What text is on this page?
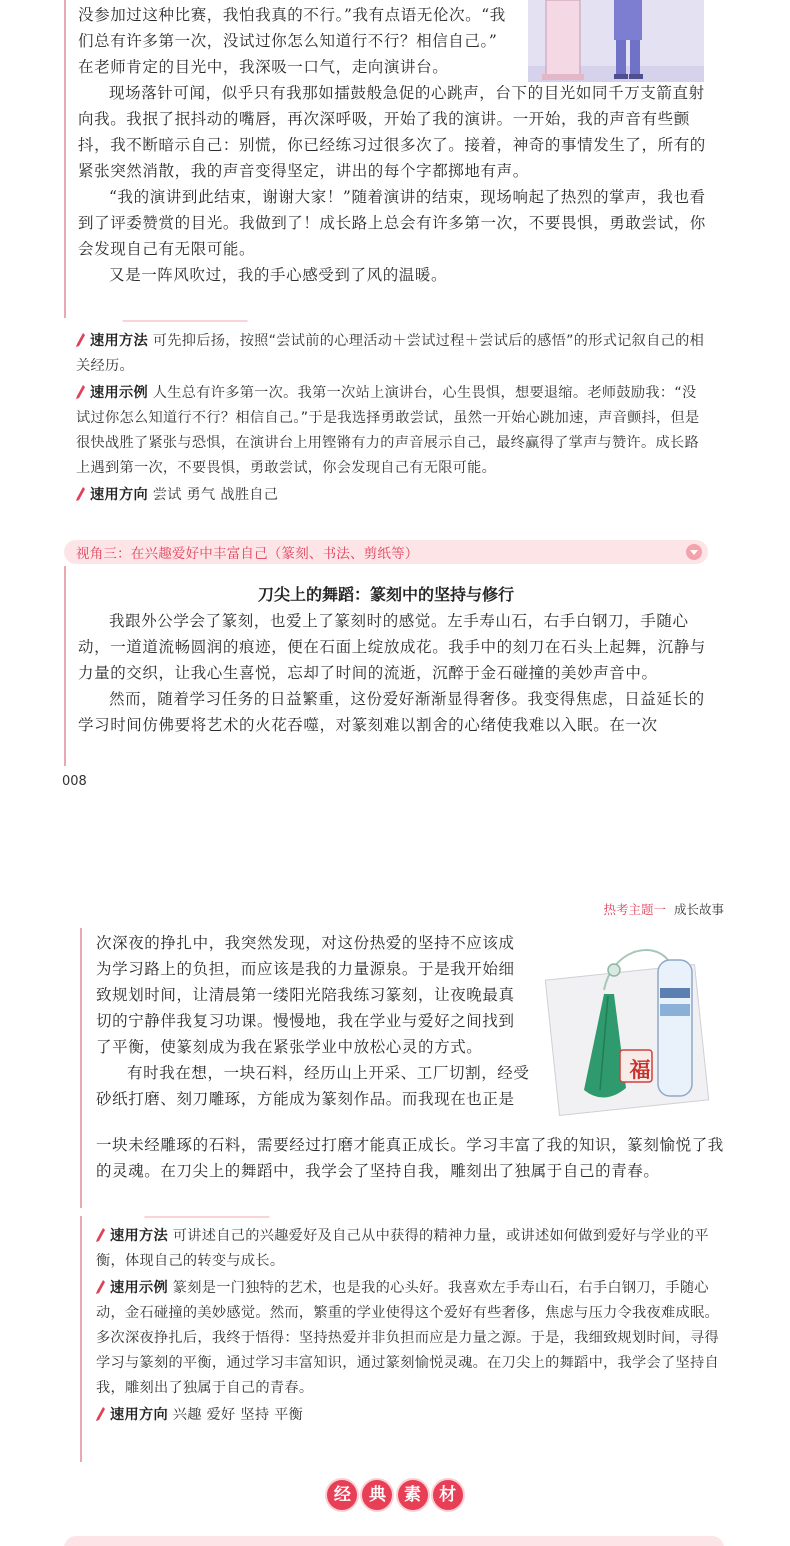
没参加过这种比赛，我怕我真的不行。”我有点语无伦次。“我

们总有许多第一次，没试过你怎么知道行不行？相信自己。”

在老师肯定的目光中，我深吸一口气，走向演讲台。

现场落针可闻，似乎只有我那如擂鼓般急促的心跳声，台下的目光如同千万支箭直射向我。我抿了抿抖动的嘴唇，再次深呼吸，开始了我的演讲。一开始，我的声音有些颤抖，我不断暗示自己：别慌，你已经练习过很多次了。接着，神奇的事情发生了，所有的紧张突然消散，我的声音变得坚定，讲出的每个字都掷地有声。

“我的演讲到此结束，谢谢大家！”随着演讲的结束，现场响起了热烈的掌声，我也看到了评委赞赏的目光。我做到了！成长路上总会有许多第一次，不要畏惧，勇敢尝试，你会发现自己有无限可能。

又是一阵风吹过，我的手心感受到了风的温暖。

速用方法 可先抑后扬，按照“尝试前的心理活动＋尝试过程＋尝试后的感悟”的形式记叙自己的相关经历。
速用示例 人生总有许多第一次。我第一次站上演讲台，心生畏惧，想要退缩。老师鼓励我：“没试过你怎么知道行不行？相信自己。”于是我选择勇敢尝试，虽然一开始心跳加速，声音颤抖，但是很快战胜了紧张与恐惧，在演讲台上用铿锵有力的声音展示自己，最终赢得了掌声与赞许。成长路上遇到第一次，不要畏惧，勇敢尝试，你会发现自己有无限可能。
速用方向 尝试 勇气 战胜自己
视角三：在兴趣爱好中丰富自己（篆刻、书法、剪纸等）
刀尖上的舞蹈：篆刻中的坚持与修行

我跟外公学会了篆刻，也爱上了篆刻时的感觉。左手寿山石，右手白钢刀，手随心动，一道道流畅圆润的痕迹，便在石面上绽放成花。我手中的刻刀在石头上起舞，沉静与力量的交织，让我心生喜悦，忘却了时间的流逝，沉醉于金石碰撞的美妙声音中。

然而，随着学习任务的日益繁重，这份爱好渐渐显得奢侈。我变得焦虑，日益延长的学习时间仿佛要将艺术的火花吞噬，对篆刻难以割舍的心绪使我难以入眠。在一次

008
热考主题一 成长故事
福

次深夜的挣扎中，我突然发现，对这份热爱的坚持不应该成

为学习路上的负担，而应该是我的力量源泉。于是我开始细

致规划时间，让清晨第一缕阳光陪我练习篆刻，让夜晚最真

切的宁静伴我复习功课。慢慢地，我在学业与爱好之间找到

了平衡，使篆刻成为我在紧张学业中放松心灵的方式。

有时我在想，一块石料，经历山上开采、工厂切割，经受

砂纸打磨、刻刀雕琢，方能成为篆刻作品。而我现在也正是

一块未经雕琢的石料，需要经过打磨才能真正成长。学习丰富了我的知识，篆刻愉悦了我的灵魂。在刀尖上的舞蹈中，我学会了坚持自我，雕刻出了独属于自己的青春。

速用方法 可讲述自己的兴趣爱好及自己从中获得的精神力量，或讲述如何做到爱好与学业的平衡，体现自己的转变与成长。
速用示例 篆刻是一门独特的艺术，也是我的心头好。我喜欢左手寿山石，右手白钢刀，手随心动，金石碰撞的美妙感觉。然而，繁重的学业使得这个爱好有些奢侈，焦虑与压力令我夜难成眠。多次深夜挣扎后，我终于悟得：坚持热爱并非负担而应是力量之源。于是，我细致规划时间，寻得学习与篆刻的平衡，通过学习丰富知识，通过篆刻愉悦灵魂。在刀尖上的舞蹈中，我学会了坚持自我，雕刻出了独属于自己的青春。
速用方向 兴趣 爱好 坚持 平衡
经 典 素 材
